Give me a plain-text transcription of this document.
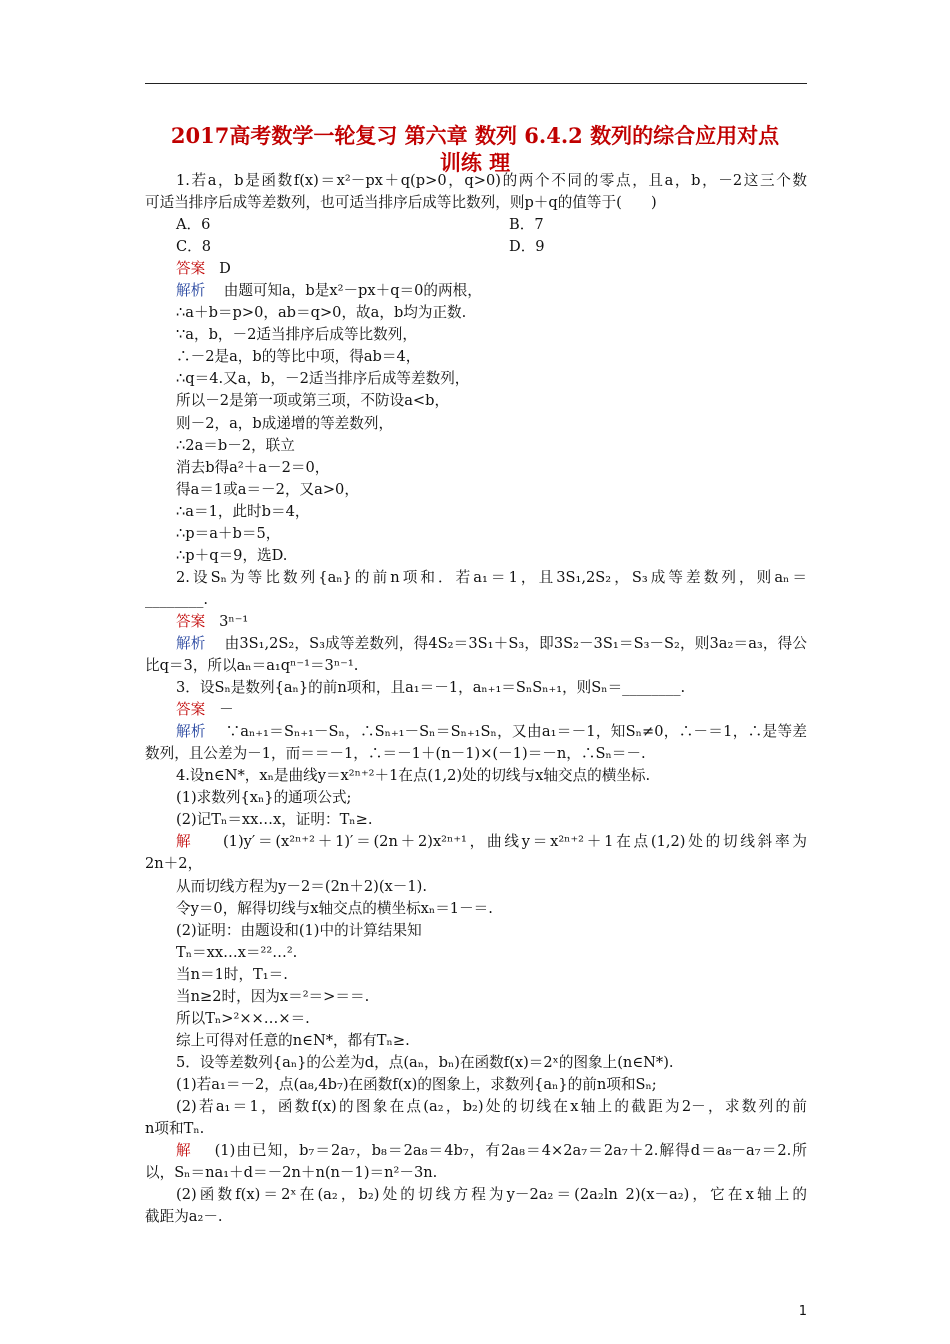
2017高考数学一轮复习 第六章 数列 6.4.2 数列的综合应用对点
训练 理
1.若a，b是函数f(x)＝x²－px＋q(p>0，q>0)的两个不同的零点，且a，b，－2这三个数
可适当排序后成等差数列，也可适当排序后成等比数列，则p＋q的值等于(　　)
A．6	B．7
C．8	D．9
答案 D
解析 由题可知a，b是x²－px＋q＝0的两根，
∴a＋b＝p>0，ab＝q>0，故a，b均为正数.
∵a，b，－2适当排序后成等比数列，
∴－2是a，b的等比中项，得ab＝4，
∴q＝4.又a，b，－2适当排序后成等差数列，
所以－2是第一项或第三项，不防设a<b，
则－2，a，b成递增的等差数列，
∴2a＝b－2，联立
消去b得a²＋a－2＝0，
得a＝1或a＝－2，又a>0，
∴a＝1，此时b＝4，
∴p＝a＋b＝5，
∴p＋q＝9，选D.
2.设Sₙ为等比数列{aₙ}的前n项和．若a₁＝1，且3S₁,2S₂，S₃成等差数列，则aₙ＝
________.
答案 3ⁿ⁻¹
解析 由3S₁,2S₂，S₃成等差数列，得4S₂＝3S₁＋S₃，即3S₂－3S₁＝S₃－S₂，则3a₂＝a₃，得公
比q＝3，所以aₙ＝a₁qⁿ⁻¹＝3ⁿ⁻¹.
3．设Sₙ是数列{aₙ}的前n项和，且a₁＝－1，aₙ₊₁＝SₙSₙ₊₁，则Sₙ＝________.
答案 －
解析 ∵aₙ₊₁＝Sₙ₊₁－Sₙ，∴Sₙ₊₁－Sₙ＝Sₙ₊₁Sₙ，又由a₁＝－1，知Sₙ≠0，∴－＝1，∴是等差
数列，且公差为－1，而＝＝－1，∴＝－1＋(n－1)×(－1)＝－n，∴Sₙ＝－.
4.设n∈N*，xₙ是曲线y＝x²ⁿ⁺²＋1在点(1,2)处的切线与x轴交点的横坐标.
(1)求数列{xₙ}的通项公式;
(2)记Tₙ＝xx…x，证明：Tₙ≥.
解 (1)y′＝(x²ⁿ⁺²＋1)′＝(2n＋2)x²ⁿ⁺¹，曲线y＝x²ⁿ⁺²＋1在点(1,2)处的切线斜率为
2n＋2，
从而切线方程为y－2＝(2n＋2)(x－1).
令y＝0，解得切线与x轴交点的横坐标xₙ＝1－＝.
(2)证明：由题设和(1)中的计算结果知
Tₙ＝xx…x＝²²…².
当n＝1时，T₁＝.
当n≥2时，因为x＝²＝>＝＝.
所以Tₙ>²××…×＝.
综上可得对任意的n∈N*，都有Tₙ≥.
5．设等差数列{aₙ}的公差为d，点(aₙ，bₙ)在函数f(x)＝2ˣ的图象上(n∈N*).
(1)若a₁＝－2，点(a₈,4b₇)在函数f(x)的图象上，求数列{aₙ}的前n项和Sₙ;
(2)若a₁＝1，函数f(x)的图象在点(a₂，b₂)处的切线在x轴上的截距为2－，求数列的前
n项和Tₙ.
解 (1)由已知，b₇＝2a₇，b₈＝2a₈＝4b₇，有2a₈＝4×2a₇＝2a₇＋2.解得d＝a₈－a₇＝2.所
以，Sₙ＝na₁＋d＝－2n＋n(n－1)＝n²－3n.
(2)函数f(x)＝2ˣ在(a₂，b₂)处的切线方程为y－2a₂＝(2a₂ln 2)(x－a₂)，它在x轴上的
截距为a₂－.
1
